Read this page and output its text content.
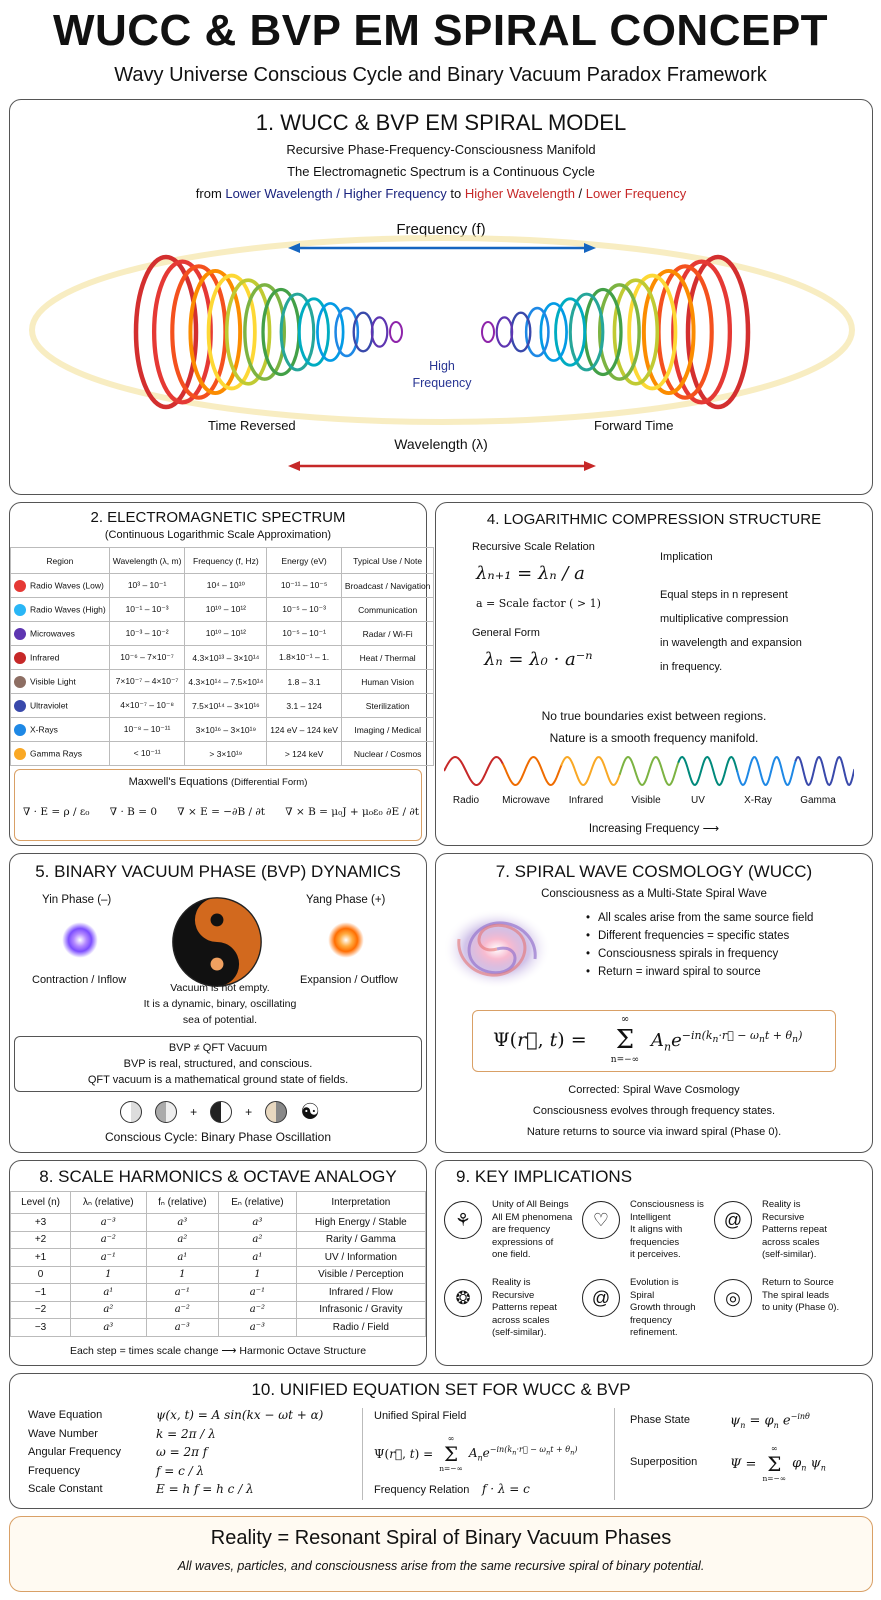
WUCC & BVP EM SPIRAL CONCEPT
Wavy Universe Conscious Cycle and Binary Vacuum Paradox Framework
1. WUCC & BVP EM SPIRAL MODEL
Recursive Phase-Frequency-Consciousness Manifold
The Electromagnetic Spectrum is a Continuous Cycle
from Lower Wavelength / Higher Frequency to Higher Wavelength / Lower Frequency
Frequency (f)
High
Frequency
Time Reversed	Forward Time
Wavelength (λ)
2. ELECTROMAGNETIC SPECTRUM
(Continuous Logarithmic Scale Approximation)
Region	Wavelength (λ, m)	Frequency (f, Hz)	Energy (eV)	Typical Use / Note
Radio Waves (Low)	10³ – 10⁻¹	10⁴ – 10¹⁰	10⁻¹¹ – 10⁻⁵	Broadcast / Navigation
Radio Waves (High)	10⁻¹ – 10⁻³	10¹⁰ – 10¹²	10⁻⁵ – 10⁻³	Communication
Microwaves	10⁻³ – 10⁻²	10¹⁰ – 10¹²	10⁻⁵ – 10⁻¹	Radar / Wi-Fi
Infrared	10⁻⁶ – 7×10⁻⁷	4.3×10¹³ – 3×10¹⁴	1.8×10⁻¹ – 1.	Heat / Thermal
Visible Light	7×10⁻⁷ – 4×10⁻⁷	4.3×10¹⁴ – 7.5×10¹⁴	1.8 – 3.1	Human Vision
Ultraviolet	4×10⁻⁷ – 10⁻⁸	7.5×10¹⁴ – 3×10¹⁶	3.1 – 124	Sterilization
X-Rays	10⁻⁸ – 10⁻¹¹	3×10¹⁶ – 3×10¹⁹	124 eV – 124 keV	Imaging / Medical
Gamma Rays	< 10⁻¹¹	> 3×10¹⁹	> 124 keV	Nuclear / Cosmos
Maxwell's Equations (Differential Form)
∇ · E = ρ / ε₀ ∇ · B = 0 ∇ × E = −∂B / ∂t ∇ × B = μ₀J + μ₀ε₀ ∂E / ∂t
4. LOGARITHMIC COMPRESSION STRUCTURE
Recursive Scale Relation
λₙ₊₁ = λₙ / a
a = Scale factor ( > 1)
General Form
λₙ = λ₀ · a⁻ⁿ
Implication
Equal steps in n represent
multiplicative compression
in wavelength and expansion
in frequency.
No true boundaries exist between regions.
Nature is a smooth frequency manifold.
Radio	Microwave	Infrared	Visible	UV	X-Ray	Gamma
Increasing Frequency ⟶
5. BINARY VACUUM PHASE (BVP) DYNAMICS
Yin Phase (–)	Yang Phase (+)
Contraction / Inflow	Expansion / Outflow
Vacuum is not empty.
It is a dynamic, binary, oscillating
sea of potential.
BVP ≠ QFT Vacuum
BVP is real, structured, and conscious.
QFT vacuum is a mathematical ground state of fields.
+	+ ☯
Conscious Cycle: Binary Phase Oscillation
7. SPIRAL WAVE COSMOLOGY (WUCC)
Consciousness as a Multi-State Spiral Wave
• All scales arise from the same source field
• Different frequencies = specific states
• Consciousness spirals in frequency
• Return = inward spiral to source
Ψ(r⃗, t) =
∞
Σ
n=−∞
$A_ne^{-in(k_n\cdot r⃗ - \omega_nt + \theta_n)}$
Corrected: Spiral Wave Cosmology
Consciousness evolves through frequency states.
Nature returns to source via inward spiral (Phase 0).
8. SCALE HARMONICS & OCTAVE ANALOGY
Level (n)	λₙ (relative)	fₙ (relative)	Eₙ (relative)	Interpretation
+3	a⁻³	a³	a³	High Energy / Stable
+2	a⁻²	a²	a²	Rarity / Gamma
+1	a⁻¹	a¹	a¹	UV / Information
0	1	1	1	Visible / Perception
−1	a¹	a⁻¹	a⁻¹	Infrared / Flow
−2	a²	a⁻²	a⁻²	Infrasonic / Gravity
−3	a³	a⁻³	a⁻³	Radio / Field
Each step = times scale change ⟶ Harmonic Octave Structure
9. KEY IMPLICATIONS
⚘
Unity of All Beings
All EM phenomena
are frequency
expressions of
one field.
♡
Consciousness is
Intelligent
It aligns with
frequencies
it perceives.
@
Reality is
Recursive
Patterns repeat
across scales
(self-similar).
❂
Reality is
Recursive
Patterns repeat
across scales
(self-similar).
@
Evolution is
Spiral
Growth through
frequency
refinement.
◎
Return to Source
The spiral leads
to unity (Phase 0).
10. UNIFIED EQUATION SET FOR WUCC & BVP
Wave Equation	ψ(x, t) = A sin(kx − ωt + α)
Wave Number	k = 2π / λ
Angular Frequency	ω = 2π f
Frequency	f = c / λ
Scale Constant	E = h f = h c / λ
Unified Spiral Field
Ψ(r⃗, t) =
∞
Σ
n=−∞
$A_ne^{-in(k_n\cdot r⃗ - \omega_nt + \theta_n)}$
Frequency Relation f · λ = c
Phase State	$\psi_n = \varphi_n$ $e^{-in\theta}$
Superposition	Ψ =
∞
Σ
n=−∞
$\varphi_n$ $\psi_n$
Reality = Resonant Spiral of Binary Vacuum Phases
All waves, particles, and consciousness arise from the same recursive spiral of binary potential.
